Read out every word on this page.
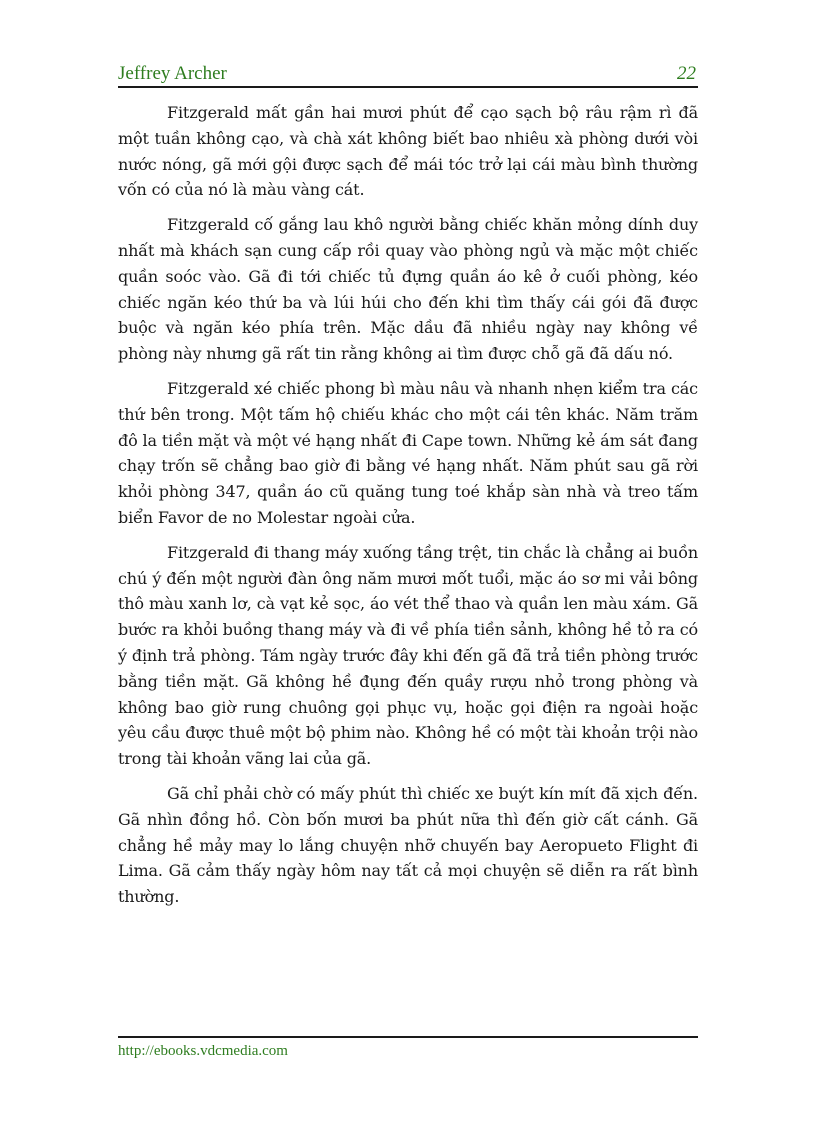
Jeffrey Archer	22

Fitzgerald mất gần hai mươi phút để cạo sạch bộ râu rậm rì đã một tuần không cạo, và chà xát không biết bao nhiêu xà phòng dưới vòi nước nóng, gã mới gội được sạch để mái tóc trở lại cái màu bình thường vốn có của nó là màu vàng cát.

Fitzgerald cố gắng lau khô người bằng chiếc khăn mỏng dính duy nhất mà khách sạn cung cấp rồi quay vào phòng ngủ và mặc một chiếc quần soóc vào. Gã đi tới chiếc tủ đựng quần áo kê ở cuối phòng, kéo chiếc ngăn kéo thứ ba và lúi húi cho đến khi tìm thấy cái gói đã được buộc và ngăn kéo phía trên. Mặc dầu đã nhiều ngày nay không về phòng này nhưng gã rất tin rằng không ai tìm được chỗ gã đã dấu nó.

Fitzgerald xé chiếc phong bì màu nâu và nhanh nhẹn kiểm tra các thứ bên trong. Một tấm hộ chiếu khác cho một cái tên khác. Năm trăm đô la tiền mặt và một vé hạng nhất đi Cape town. Những kẻ ám sát đang chạy trốn sẽ chẳng bao giờ đi bằng vé hạng nhất. Năm phút sau gã rời khỏi phòng 347, quần áo cũ quăng tung toé khắp sàn nhà và treo tấm biển Favor de no Molestar ngoài cửa.

Fitzgerald đi thang máy xuống tầng trệt, tin chắc là chẳng ai buồn chú ý đến một người đàn ông năm mươi mốt tuổi, mặc áo sơ mi vải bông thô màu xanh lơ, cà vạt kẻ sọc, áo vét thể thao và quần len màu xám. Gã bước ra khỏi buồng thang máy và đi về phía tiền sảnh, không hề tỏ ra có ý định trả phòng. Tám ngày trước đây khi đến gã đã trả tiền phòng trước bằng tiền mặt. Gã không hề đụng đến quầy rượu nhỏ trong phòng và không bao giờ rung chuông gọi phục vụ, hoặc gọi điện ra ngoài hoặc yêu cầu được thuê một bộ phim nào. Không hề có một tài khoản trội nào trong tài khoản vãng lai của gã.

Gã chỉ phải chờ có mấy phút thì chiếc xe buýt kín mít đã xịch đến. Gã nhìn đồng hồ. Còn bốn mươi ba phút nữa thì đến giờ cất cánh. Gã chẳng hề mảy may lo lắng chuyện nhỡ chuyến bay Aeropueto Flight đi Lima. Gã cảm thấy ngày hôm nay tất cả mọi chuyện sẽ diễn ra rất bình thường.

http://ebooks.vdcmedia.com
